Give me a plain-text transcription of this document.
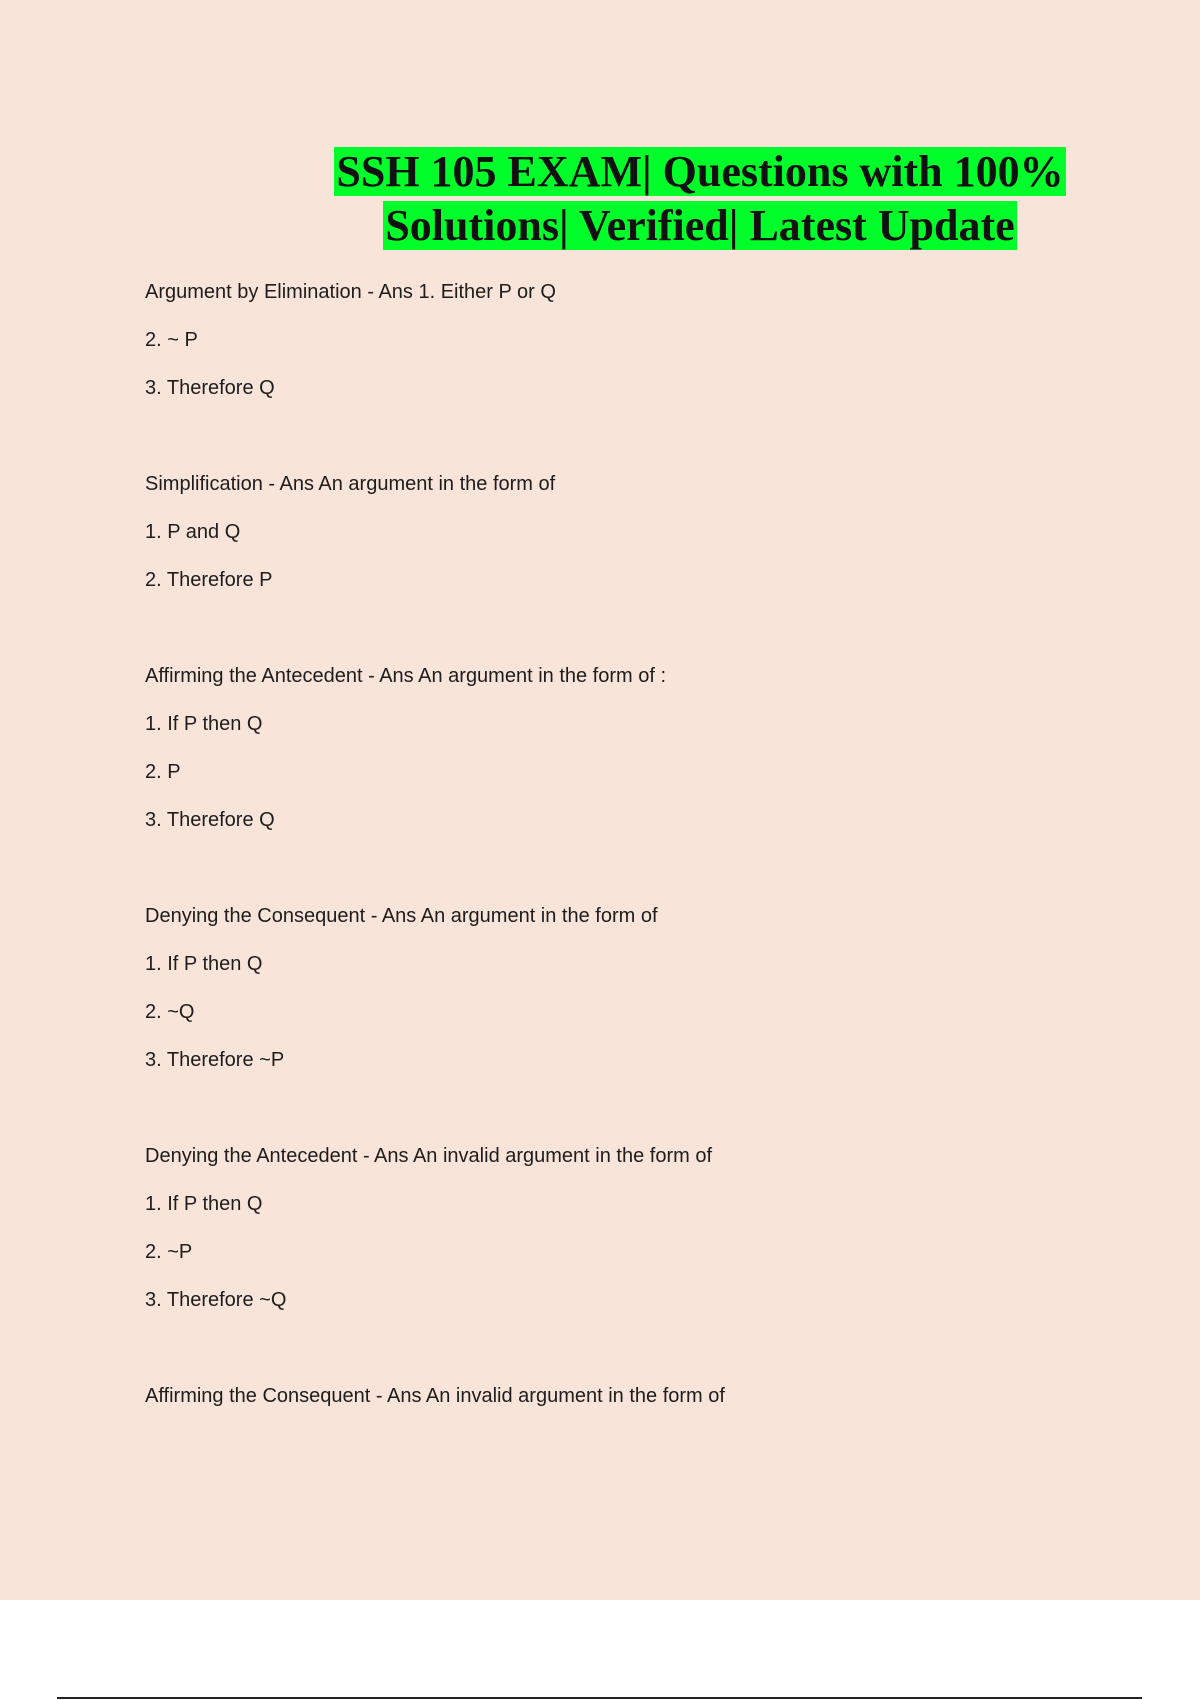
SSH 105 EXAM| Questions with 100%
Solutions| Verified| Latest Update
Argument by Elimination - Ans 1. Either P or Q
2. ~ P
3. Therefore Q
Simplification - Ans An argument in the form of
1. P and Q
2. Therefore P
Affirming the Antecedent - Ans An argument in the form of :
1. If P then Q
2. P
3. Therefore Q
Denying the Consequent - Ans An argument in the form of
1. If P then Q
2. ~Q
3. Therefore ~P
Denying the Antecedent - Ans An invalid argument in the form of
1. If P then Q
2. ~P
3. Therefore ~Q
Affirming the Consequent - Ans An invalid argument in the form of
